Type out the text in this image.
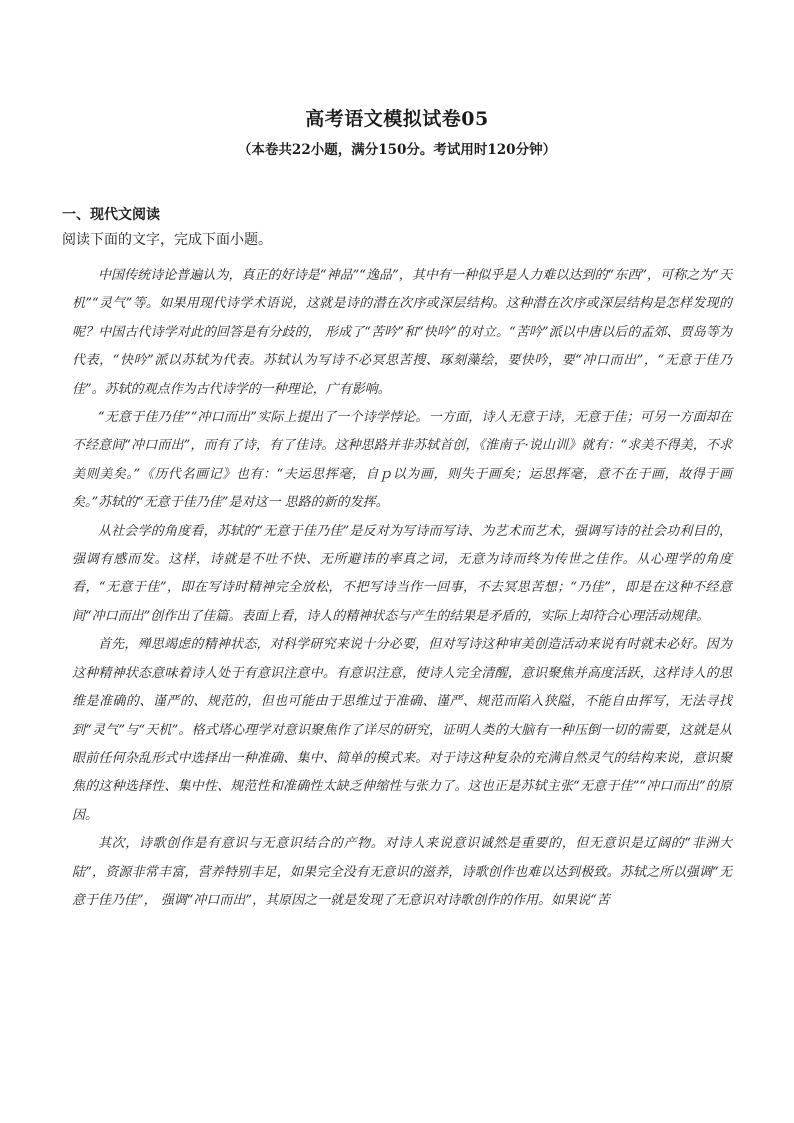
高考语文模拟试卷05
（本卷共22小题，满分150分。考试用时120分钟）
一、现代文阅读
阅读下面的文字，完成下面小题。

中国传统诗论普遍认为，真正的好诗是“神品”“逸品”，其中有一种似乎是人力难以达到的“东西”，可称之为“天机”“灵气”等。如果用现代诗学术语说，这就是诗的潜在次序或深层结构。这种潜在次序或深层结构是怎样发现的呢？中国古代诗学对此的回答是有分歧的， 形成了“苦吟”和“快吟”的对立。“苦吟”派以中唐以后的孟郊、贾岛等为代表，“快吟”派以苏轼为代表。苏轼认为写诗不必冥思苦搜、琢刻藻绘，要快吟，要“冲口而出”，“无意于佳乃佳”。苏轼的观点作为古代诗学的一种理论，广有影响。

“无意于佳乃佳”“冲口而出”实际上提出了一个诗学悖论。一方面，诗人无意于诗，无意于佳；可另一方面却在不经意间“冲口而出”，而有了诗，有了佳诗。这种思路并非苏轼首创，《淮南子·说山训》就有：“求美不得美，不求美则美矣。”《历代名画记》也有：“夫运思挥毫，自ｐ以为画，则失于画矣；运思挥毫，意不在于画，故得于画矣。”苏轼的“无意于佳乃佳”是对这一 思路的新的发挥。

从社会学的角度看，苏轼的“无意于佳乃佳”是反对为写诗而写诗、为艺术而艺术，强调写诗的社会功利目的，强调有感而发。这样，诗就是不吐不快、无所避讳的率真之词，无意为诗而终为传世之佳作。从心理学的角度看，“无意于佳”，即在写诗时精神完全放松，不把写诗当作一回事，不去冥思苦想；“乃佳”，即是在这种不经意间“冲口而出”创作出了佳篇。表面上看，诗人的精神状态与产生的结果是矛盾的，实际上却符合心理活动规律。

首先，殚思竭虑的精神状态，对科学研究来说十分必要，但对写诗这种审美创造活动来说有时就未必好。因为这种精神状态意味着诗人处于有意识注意中。有意识注意，使诗人完全清醒，意识聚焦并高度活跃，这样诗人的思维是准确的、谨严的、规范的，但也可能由于思维过于准确、谨严、规范而陷入狭隘，不能自由挥写，无法寻找到“灵气”与“天机”。格式塔心理学对意识聚焦作了详尽的研究，证明人类的大脑有一种压倒一切的需要，这就是从眼前任何杂乱形式中选择出一种准确、集中、简单的模式来。对于诗这种复杂的充满自然灵气的结构来说，意识聚焦的这种选择性、集中性、规范性和准确性太缺乏伸缩性与张力了。这也正是苏轼主张“无意于佳”“冲口而出”的原因。

其次，诗歌创作是有意识与无意识结合的产物。对诗人来说意识诚然是重要的，但无意识是辽阔的“非洲大陆”，资源非常丰富，营养特别丰足，如果完全没有无意识的滋养，诗歌创作也难以达到极致。苏轼之所以强调“无意于佳乃佳”， 强调“冲口而出”，其原因之一就是发现了无意识对诗歌创作的作用。如果说“苦
